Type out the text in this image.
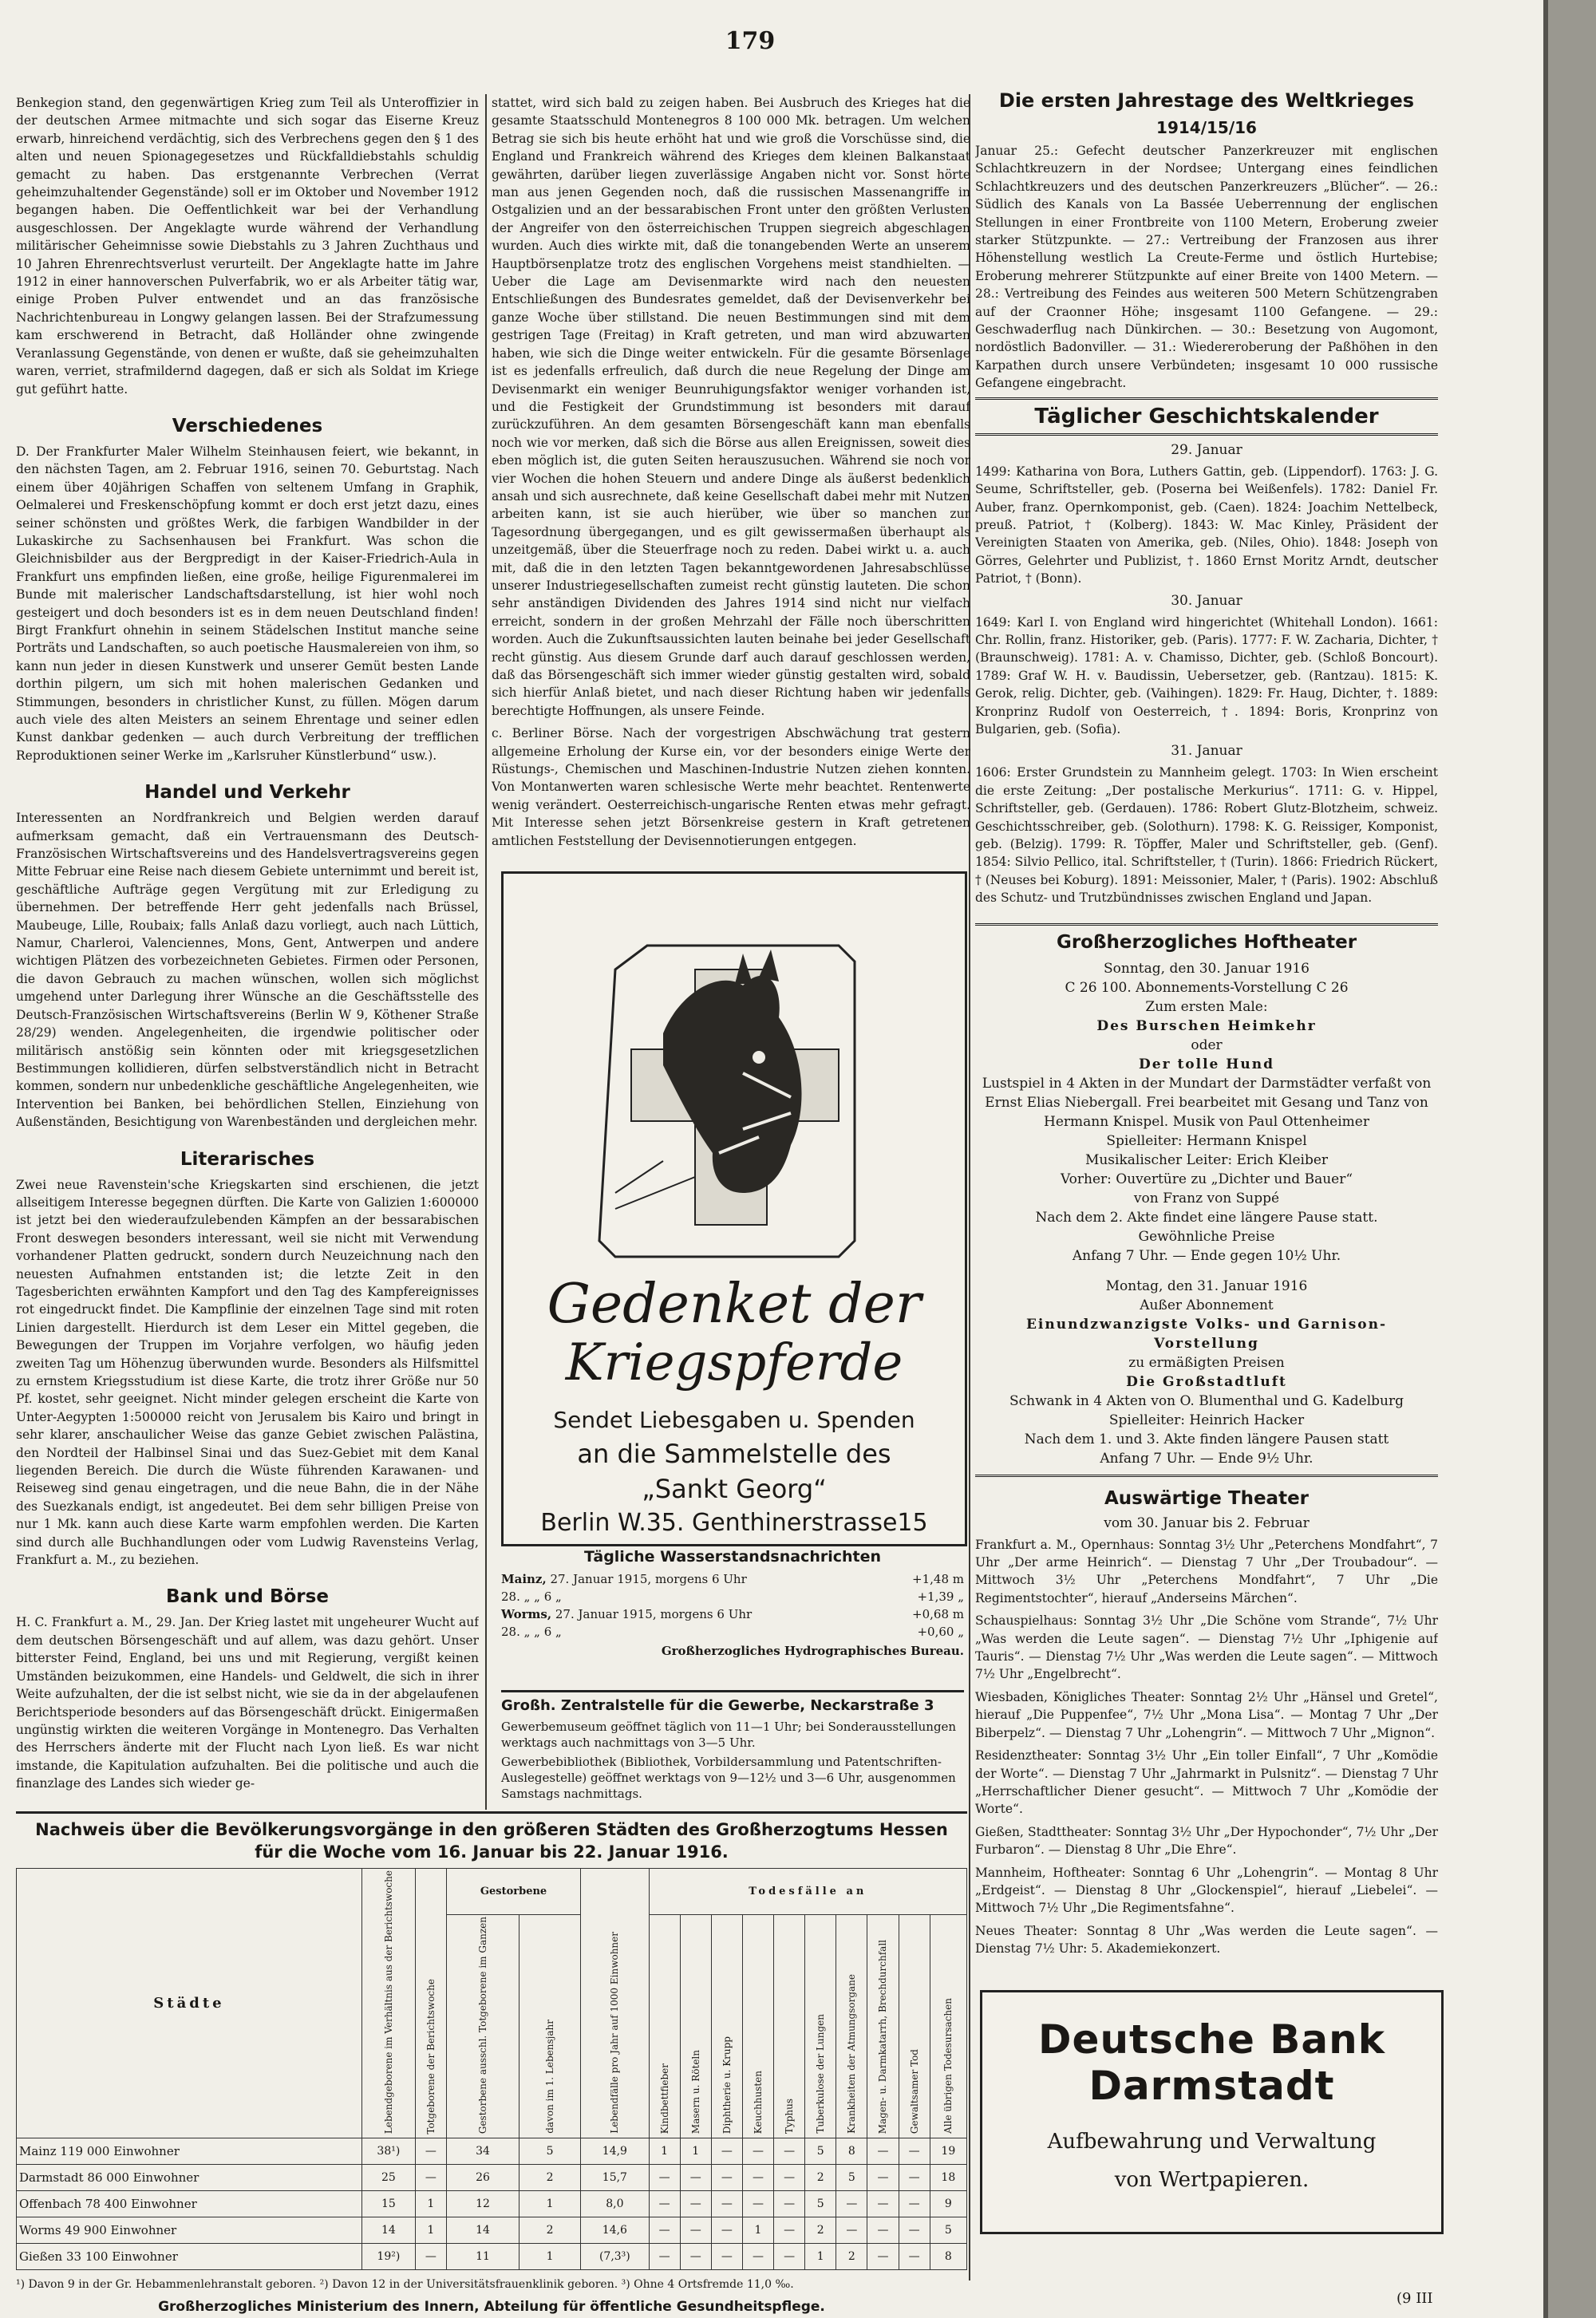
179

Benkegion stand, den gegenwärtigen Krieg zum Teil als Unteroffizier in der deutschen Armee mitmachte und sich sogar das Eiserne Kreuz erwarb, hinreichend verdächtig, sich des Verbrechens gegen den § 1 des alten und neuen Spionagegesetzes und Rückfalldiebstahls schuldig gemacht zu haben. Das erstgenannte Verbrechen (Verrat geheimzuhaltender Gegenstände) soll er im Oktober und November 1912 begangen haben. Die Oeffentlichkeit war bei der Verhandlung ausgeschlossen. Der Angeklagte wurde während der Verhandlung militärischer Geheimnisse sowie Diebstahls zu 3 Jahren Zuchthaus und 10 Jahren Ehrenrechtsverlust verurteilt. Der Angeklagte hatte im Jahre 1912 in einer hannoverschen Pulverfabrik, wo er als Arbeiter tätig war, einige Proben Pulver entwendet und an das französische Nachrichtenbureau in Longwy gelangen lassen. Bei der Strafzumessung kam erschwerend in Betracht, daß Holländer ohne zwingende Veranlassung Gegenstände, von denen er wußte, daß sie geheimzuhalten waren, verriet, strafmildernd dagegen, daß er sich als Soldat im Kriege gut geführt hatte.

Verschiedenes

D. Der Frankfurter Maler Wilhelm Steinhausen feiert, wie bekannt, in den nächsten Tagen, am 2. Februar 1916, seinen 70. Geburtstag. Nach einem über 40jährigen Schaffen von seltenem Umfang in Graphik, Oelmalerei und Freskenschöpfung kommt er doch erst jetzt dazu, eines seiner schönsten und größtes Werk, die farbigen Wandbilder in der Lukaskirche zu Sachsenhausen bei Frankfurt. Was schon die Gleichnisbilder aus der Bergpredigt in der Kaiser-Friedrich-Aula in Frankfurt uns empfinden ließen, eine große, heilige Figurenmalerei im Bunde mit malerischer Landschaftsdarstellung, ist hier wohl noch gesteigert und doch besonders ist es in dem neuen Deutschland finden! Birgt Frankfurt ohnehin in seinem Städelschen Institut manche seine Porträts und Landschaften, so auch poetische Hausmalereien von ihm, so kann nun jeder in diesen Kunstwerk und unserer Gemüt besten Lande dorthin pilgern, um sich mit hohen malerischen Gedanken und Stimmungen, besonders in christlicher Kunst, zu füllen. Mögen darum auch viele des alten Meisters an seinem Ehrentage und seiner edlen Kunst dankbar gedenken — auch durch Verbreitung der trefflichen Reproduktionen seiner Werke im „Karlsruher Künstlerbund“ usw.).

Handel und Verkehr

Interessenten an Nordfrankreich und Belgien werden darauf aufmerksam gemacht, daß ein Vertrauensmann des Deutsch-Französischen Wirtschaftsvereins und des Handelsvertragsvereins gegen Mitte Februar eine Reise nach diesem Gebiete unternimmt und bereit ist, geschäftliche Aufträge gegen Vergütung mit zur Erledigung zu übernehmen. Der betreffende Herr geht jedenfalls nach Brüssel, Maubeuge, Lille, Roubaix; falls Anlaß dazu vorliegt, auch nach Lüttich, Namur, Charleroi, Valenciennes, Mons, Gent, Antwerpen und andere wichtigen Plätzen des vorbezeichneten Gebietes. Firmen oder Personen, die davon Gebrauch zu machen wünschen, wollen sich möglichst umgehend unter Darlegung ihrer Wünsche an die Geschäftsstelle des Deutsch-Französischen Wirtschaftsvereins (Berlin W 9, Köthener Straße 28/29) wenden. Angelegenheiten, die irgendwie politischer oder militärisch anstößig sein könnten oder mit kriegsgesetzlichen Bestimmungen kollidieren, dürfen selbstverständlich nicht in Betracht kommen, sondern nur unbedenkliche geschäftliche Angelegenheiten, wie Intervention bei Banken, bei behördlichen Stellen, Einziehung von Außenständen, Besichtigung von Warenbeständen und dergleichen mehr.

Literarisches

Zwei neue Ravenstein'sche Kriegskarten sind erschienen, die jetzt allseitigem Interesse begegnen dürften. Die Karte von Galizien 1:600000 ist jetzt bei den wiederaufzulebenden Kämpfen an der bessarabischen Front deswegen besonders interessant, weil sie nicht mit Verwendung vorhandener Platten gedruckt, sondern durch Neuzeichnung nach den neuesten Aufnahmen entstanden ist; die letzte Zeit in den Tagesberichten erwähnten Kampfort und den Tag des Kampfereignisses rot eingedruckt findet. Die Kampflinie der einzelnen Tage sind mit roten Linien dargestellt. Hierdurch ist dem Leser ein Mittel gegeben, die Bewegungen der Truppen im Vorjahre verfolgen, wo häufig jeden zweiten Tag um Höhenzug überwunden wurde. Besonders als Hilfsmittel zu ernstem Kriegsstudium ist diese Karte, die trotz ihrer Größe nur 50 Pf. kostet, sehr geeignet. Nicht minder gelegen erscheint die Karte von Unter-Aegypten 1:500000 reicht von Jerusalem bis Kairo und bringt in sehr klarer, anschaulicher Weise das ganze Gebiet zwischen Palästina, den Nordteil der Halbinsel Sinai und das Suez-Gebiet mit dem Kanal liegenden Bereich. Die durch die Wüste führenden Karawanen- und Reiseweg sind genau eingetragen, und die neue Bahn, die in der Nähe des Suezkanals endigt, ist angedeutet. Bei dem sehr billigen Preise von nur 1 Mk. kann auch diese Karte warm empfohlen werden. Die Karten sind durch alle Buchhandlungen oder vom Ludwig Ravensteins Verlag, Frankfurt a. M., zu beziehen.

Bank und Börse

H. C. Frankfurt a. M., 29. Jan. Der Krieg lastet mit ungeheurer Wucht auf dem deutschen Börsengeschäft und auf allem, was dazu gehört. Unser bitterster Feind, England, bei uns und mit Regierung, vergißt keinen Umständen beizukommen, eine Handels- und Geldwelt, die sich in ihrer Weite aufzuhalten, der die ist selbst nicht, wie sie da in der abgelaufenen Berichtsperiode besonders auf das Börsengeschäft drückt. Einigermaßen ungünstig wirkten die weiteren Vorgänge in Montenegro. Das Verhalten des Herrschers änderte mit der Flucht nach Lyon ließ. Es war nicht imstande, die Kapitulation aufzuhalten. Bei die politische und auch die finanzlage des Landes sich wieder ge-

stattet, wird sich bald zu zeigen haben. Bei Ausbruch des Krieges hat die gesamte Staatsschuld Montenegros 8 100 000 Mk. betragen. Um welchen Betrag sie sich bis heute erhöht hat und wie groß die Vorschüsse sind, die England und Frankreich während des Krieges dem kleinen Balkanstaat gewährten, darüber liegen zuverlässige Angaben nicht vor. Sonst hörte man aus jenen Gegenden noch, daß die russischen Massenangriffe in Ostgalizien und an der bessarabischen Front unter den größten Verlusten der Angreifer von den österreichischen Truppen siegreich abgeschlagen wurden. Auch dies wirkte mit, daß die tonangebenden Werte an unserem Hauptbörsenplatze trotz des englischen Vorgehens meist standhielten. — Ueber die Lage am Devisenmarkte wird nach den neuesten Entschließungen des Bundesrates gemeldet, daß der Devisenverkehr bei ganze Woche über stillstand. Die neuen Bestimmungen sind mit dem gestrigen Tage (Freitag) in Kraft getreten, und man wird abzuwarten haben, wie sich die Dinge weiter entwickeln. Für die gesamte Börsenlage ist es jedenfalls erfreulich, daß durch die neue Regelung der Dinge am Devisenmarkt ein weniger Beunruhigungsfaktor weniger vorhanden ist, und die Festigkeit der Grundstimmung ist besonders mit darauf zurückzuführen. An dem gesamten Börsengeschäft kann man ebenfalls noch wie vor merken, daß sich die Börse aus allen Ereignissen, soweit dies eben möglich ist, die guten Seiten herauszusuchen. Während sie noch vor vier Wochen die hohen Steuern und andere Dinge als äußerst bedenklich ansah und sich ausrechnete, daß keine Gesellschaft dabei mehr mit Nutzen arbeiten kann, ist sie auch hierüber, wie über so manchen zur Tagesordnung übergegangen, und es gilt gewissermaßen überhaupt als unzeitgemäß, über die Steuerfrage noch zu reden. Dabei wirkt u. a. auch mit, daß die in den letzten Tagen bekanntgewordenen Jahresabschlüsse unserer Industriegesellschaften zumeist recht günstig lauteten. Die schon sehr anständigen Dividenden des Jahres 1914 sind nicht nur vielfach erreicht, sondern in der großen Mehrzahl der Fälle noch überschritten worden. Auch die Zukunftsaussichten lauten beinahe bei jeder Gesellschaft recht günstig. Aus diesem Grunde darf auch darauf geschlossen werden, daß das Börsengeschäft sich immer wieder günstig gestalten wird, sobald sich hierfür Anlaß bietet, und nach dieser Richtung haben wir jedenfalls berechtigte Hoffnungen, als unsere Feinde.

c. Berliner Börse. Nach der vorgestrigen Abschwächung trat gestern allgemeine Erholung der Kurse ein, vor der besonders einige Werte der Rüstungs-, Chemischen und Maschinen-Industrie Nutzen ziehen konnten. Von Montanwerten waren schlesische Werte mehr beachtet. Rentenwerte wenig verändert. Oesterreichisch-ungarische Renten etwas mehr gefragt. Mit Interesse sehen jetzt Börsenkreise gestern in Kraft getretenen amtlichen Feststellung der Devisennotierungen entgegen.

Gedenket der
Kriegspferde
Sendet Liebesgaben u. Spenden
an die Sammelstelle des
„Sankt Georg“
Berlin W.35. Genthinerstrasse15
Tägliche Wasserstandsnachrichten
Mainz, 27. Januar 1915, morgens 6 Uhr	+1,48 m
28. „ „ 6 „	+1,39 „
Worms, 27. Januar 1915, morgens 6 Uhr	+0,68 m
28. „ „ 6 „	+0,60 „
Großherzogliches Hydrographisches Bureau.
Großh. Zentralstelle für die Gewerbe, Neckarstraße 3

Gewerbemuseum geöffnet täglich von 11—1 Uhr; bei Sonderausstellungen werktags auch nachmittags von 3—5 Uhr.

Gewerbebibliothek (Bibliothek, Vorbildersammlung und Patentschriften-Auslegestelle) geöffnet werktags von 9—12½ und 3—6 Uhr, ausgenommen Samstags nachmittags.

Die ersten Jahrestage des Weltkrieges
1914/15/16

Januar 25.: Gefecht deutscher Panzerkreuzer mit englischen Schlachtkreuzern in der Nordsee; Untergang eines feindlichen Schlachtkreuzers und des deutschen Panzerkreuzers „Blücher“. — 26.: Südlich des Kanals von La Bassée Ueberrennung der englischen Stellungen in einer Frontbreite von 1100 Metern, Eroberung zweier starker Stützpunkte. — 27.: Vertreibung der Franzosen aus ihrer Höhenstellung westlich La Creute-Ferme und östlich Hurtebise; Eroberung mehrerer Stützpunkte auf einer Breite von 1400 Metern. — 28.: Vertreibung des Feindes aus weiteren 500 Metern Schützengraben auf der Craonner Höhe; insgesamt 1100 Gefangene. — 29.: Geschwaderflug nach Dünkirchen. — 30.: Besetzung von Augomont, nordöstlich Badonviller. — 31.: Wiedereroberung der Paßhöhen in den Karpathen durch unsere Verbündeten; insgesamt 10 000 russische Gefangene eingebracht.

Täglicher Geschichtskalender
29. Januar

1499: Katharina von Bora, Luthers Gattin, geb. (Lippendorf). 1763: J. G. Seume, Schriftsteller, geb. (Poserna bei Weißenfels). 1782: Daniel Fr. Auber, franz. Opernkomponist, geb. (Caen). 1824: Joachim Nettelbeck, preuß. Patriot, † (Kolberg). 1843: W. Mac Kinley, Präsident der Vereinigten Staaten von Amerika, geb. (Niles, Ohio). 1848: Joseph von Görres, Gelehrter und Publizist, †. 1860 Ernst Moritz Arndt, deutscher Patriot, † (Bonn).

30. Januar

1649: Karl I. von England wird hingerichtet (Whitehall London). 1661: Chr. Rollin, franz. Historiker, geb. (Paris). 1777: F. W. Zacharia, Dichter, † (Braunschweig). 1781: A. v. Chamisso, Dichter, geb. (Schloß Boncourt). 1789: Graf W. H. v. Baudissin, Uebersetzer, geb. (Rantzau). 1815: K. Gerok, relig. Dichter, geb. (Vaihingen). 1829: Fr. Haug, Dichter, †. 1889: Kronprinz Rudolf von Oesterreich, †. 1894: Boris, Kronprinz von Bulgarien, geb. (Sofia).

31. Januar

1606: Erster Grundstein zu Mannheim gelegt. 1703: In Wien erscheint die erste Zeitung: „Der postalische Merkurius“. 1711: G. v. Hippel, Schriftsteller, geb. (Gerdauen). 1786: Robert Glutz-Blotzheim, schweiz. Geschichtsschreiber, geb. (Solothurn). 1798: K. G. Reissiger, Komponist, geb. (Belzig). 1799: R. Töpffer, Maler und Schriftsteller, geb. (Genf). 1854: Silvio Pellico, ital. Schriftsteller, † (Turin). 1866: Friedrich Rückert, † (Neuses bei Koburg). 1891: Meissonier, Maler, † (Paris). 1902: Abschluß des Schutz- und Trutzbündnisses zwischen England und Japan.

Großherzogliches Hoftheater
Sonntag, den 30. Januar 1916
C 26 100. Abonnements-Vorstellung C 26
Zum ersten Male:
Des Burschen Heimkehr
oder
Der tolle Hund
Lustspiel in 4 Akten in der Mundart der Darmstädter verfaßt von Ernst Elias Niebergall. Frei bearbeitet mit Gesang und Tanz von Hermann Knispel. Musik von Paul Ottenheimer
Spielleiter: Hermann Knispel
Musikalischer Leiter: Erich Kleiber
Vorher: Ouvertüre zu „Dichter und Bauer“
von Franz von Suppé
Nach dem 2. Akte findet eine längere Pause statt.
Gewöhnliche Preise
Anfang 7 Uhr. — Ende gegen 10½ Uhr.
Montag, den 31. Januar 1916
Außer Abonnement
Einundzwanzigste Volks- und Garnison-Vorstellung
zu ermäßigten Preisen
Die Großstadtluft
Schwank in 4 Akten von O. Blumenthal und G. Kadelburg
Spielleiter: Heinrich Hacker
Nach dem 1. und 3. Akte finden längere Pausen statt
Anfang 7 Uhr. — Ende 9½ Uhr.
Auswärtige Theater
vom 30. Januar bis 2. Februar

Frankfurt a. M., Opernhaus: Sonntag 3½ Uhr „Peterchens Mondfahrt“, 7 Uhr „Der arme Heinrich“. — Dienstag 7 Uhr „Der Troubadour“. — Mittwoch 3½ Uhr „Peterchens Mondfahrt“, 7 Uhr „Die Regimentstochter“, hierauf „Anderseins Märchen“.

Schauspielhaus: Sonntag 3½ Uhr „Die Schöne vom Strande“, 7½ Uhr „Was werden die Leute sagen“. — Dienstag 7½ Uhr „Iphigenie auf Tauris“. — Dienstag 7½ Uhr „Was werden die Leute sagen“. — Mittwoch 7½ Uhr „Engelbrecht“.

Wiesbaden, Königliches Theater: Sonntag 2½ Uhr „Hänsel und Gretel“, hierauf „Die Puppenfee“, 7½ Uhr „Mona Lisa“. — Montag 7 Uhr „Der Biberpelz“. — Dienstag 7 Uhr „Lohengrin“. — Mittwoch 7 Uhr „Mignon“.

Residenztheater: Sonntag 3½ Uhr „Ein toller Einfall“, 7 Uhr „Komödie der Worte“. — Dienstag 7 Uhr „Jahrmarkt in Pulsnitz“. — Dienstag 7 Uhr „Herrschaftlicher Diener gesucht“. — Mittwoch 7 Uhr „Komödie der Worte“.

Gießen, Stadttheater: Sonntag 3½ Uhr „Der Hypochonder“, 7½ Uhr „Der Furbaron“. — Dienstag 8 Uhr „Die Ehre“.

Mannheim, Hoftheater: Sonntag 6 Uhr „Lohengrin“. — Montag 8 Uhr „Erdgeist“. — Dienstag 8 Uhr „Glockenspiel“, hierauf „Liebelei“. — Mittwoch 7½ Uhr „Die Regimentsfahne“.

Neues Theater: Sonntag 8 Uhr „Was werden die Leute sagen“. — Dienstag 7½ Uhr: 5. Akademiekonzert.

Nachweis über die Bevölkerungsvorgänge in den größeren Städten des Großherzogtums Hessen
für die Woche vom 16. Januar bis 22. Januar 1916.
Städte	Lebendgeborene im Verhältnis aus der Berichtswoche	Totgeborene der Berichtswoche	Gestorbene		Lebendfälle pro Jahr auf 1000 Einwohner	Todesfälle an									
			Gestorbene ausschl. Totgeborene im Ganzen	davon im 1. Lebensjahr		Kindbettfieber	Masern u. Röteln	Diphtherie u. Krupp	Keuchhusten	Typhus	Tuberkulose der Lungen	Krankheiten der Atmungsorgane	Magen- u. Darmkatarrh, Brechdurchfall	Gewaltsamer Tod	Alle übrigen Todesursachen
Mainz 119 000 Einwohner	38¹)	—	34	5	14,9	1	1	—	—	—	5	8	—	—	19
Darmstadt 86 000 Einwohner	25	—	26	2	15,7	—	—	—	—	—	2	5	—	—	18
Offenbach 78 400 Einwohner	15	1	12	1	8,0	—	—	—	—	—	5	—	—	—	9
Worms 49 900 Einwohner	14	1	14	2	14,6	—	—	—	1	—	2	—	—	—	5
Gießen 33 100 Einwohner	19²)	—	11	1	(7,3³)	—	—	—	—	—	1	2	—	—	8
¹) Davon 9 in der Gr. Hebammenlehranstalt geboren. ²) Davon 12 in der Universitätsfrauenklinik geboren. ³) Ohne 4 Ortsfremde 11,0 ‰.
Großherzogliches Ministerium des Innern, Abteilung für öffentliche Gesundheitspflege.
Deutsche Bank Darmstadt
Aufbewahrung und Verwaltung
von Wertpapieren.
(9 III
